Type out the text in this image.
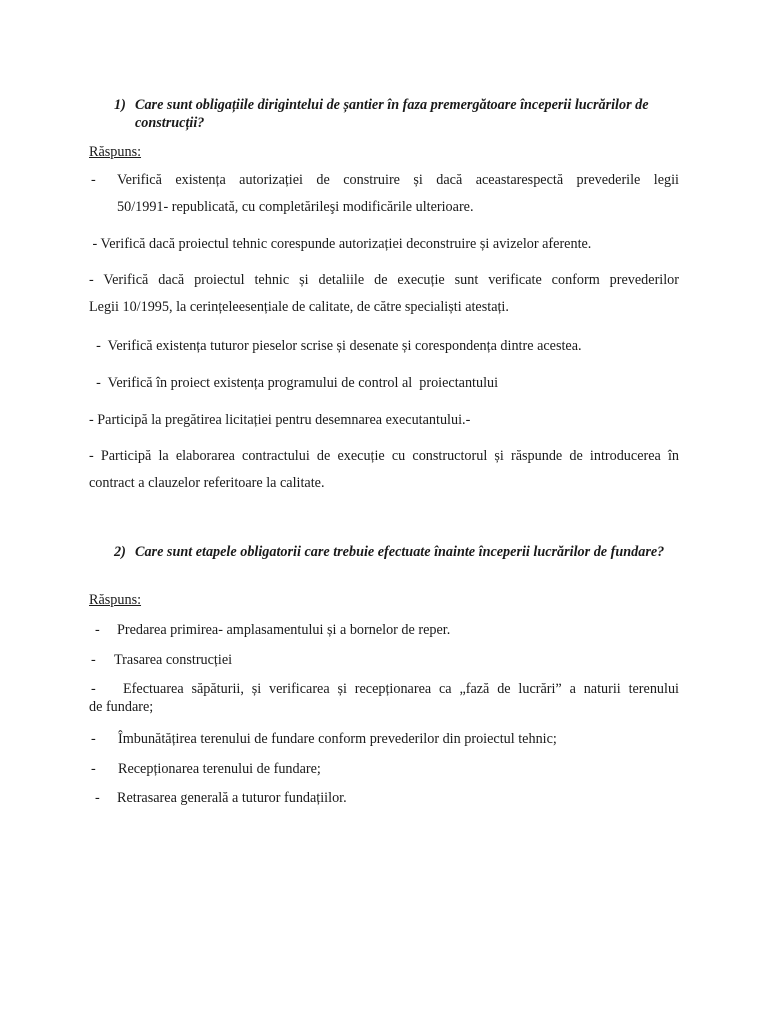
1) Care sunt obligațiile dirigintelui de șantier în faza premergătoare începerii lucrărilor de construcții?
Răspuns:
- Verifică existența autorizației de construire și dacă aceastarespectă prevederile legii
50/1991- republicată, cu completărileşi modificările ulterioare.
- Verifică dacă proiectul tehnic corespunde autorizației deconstruire și avizelor aferente.
- Verifică dacă proiectul tehnic și detaliile de execuție sunt verificate conform prevederilor
Legii 10/1995, la cerințeleesențiale de calitate, de către specialiști atestați.
-  Verifică existența tuturor pieselor scrise și desenate și corespondența dintre acestea.
-  Verifică în proiect existența programului de control al  proiectantului
- Participă la pregătirea licitației pentru desemnarea executantului.-
- Participă la elaborarea contractului de execuție cu constructorul și răspunde de introducerea în
contract a clauzelor referitoare la calitate.
2) Care sunt etapele obligatorii care trebuie efectuate înainte începerii lucrărilor de fundare?
Răspuns:
- Predarea primirea- amplasamentului și a bornelor de reper.
- Trasarea construcției
-	Efectuarea săpăturii, și verificarea și recepționarea ca „fază de lucrări” a naturii terenului
de fundare;
- Îmbunătățirea terenului de fundare conform prevederilor din proiectul tehnic;
- Recepționarea terenului de fundare;
- Retrasarea generală a tuturor fundațiilor.
